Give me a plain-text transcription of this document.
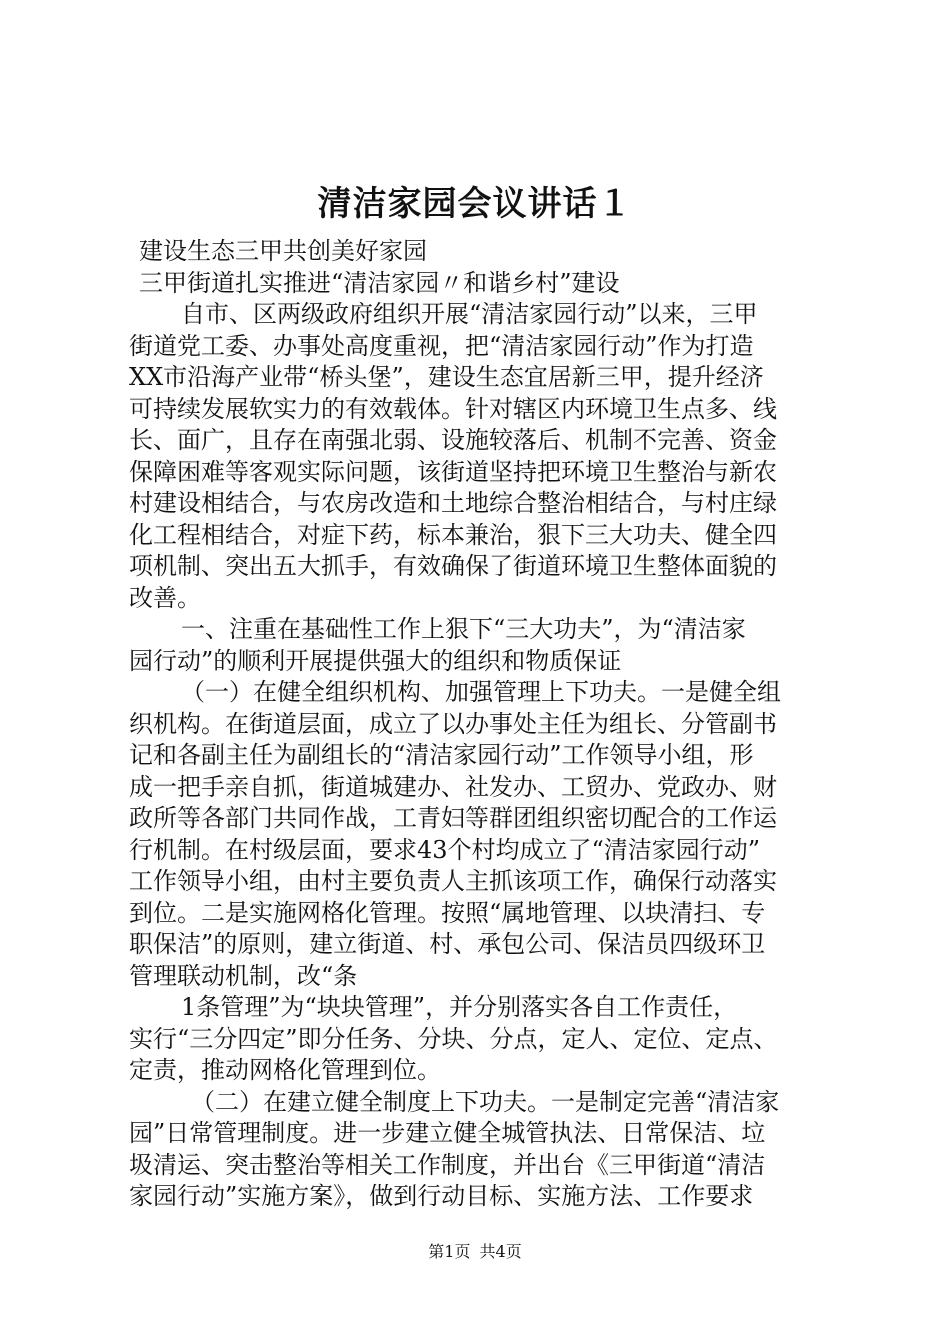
清洁家园会议讲话１
建设生态三甲共创美好家园
三甲街道扎实推进“清洁家园〃和谐乡村”建设
自市、区两级政府组织开展“清洁家园行动”以来，三甲
街道党工委、办事处高度重视，把“清洁家园行动”作为打造
XX市沿海产业带“桥头堡”，建设生态宜居新三甲，提升经济
可持续发展软实力的有效载体。针对辖区内环境卫生点多、线
长、面广，且存在南强北弱、设施较落后、机制不完善、资金
保障困难等客观实际问题，该街道坚持把环境卫生整治与新农
村建设相结合，与农房改造和土地综合整治相结合，与村庄绿
化工程相结合，对症下药，标本兼治，狠下三大功夫、健全四
项机制、突出五大抓手，有效确保了街道环境卫生整体面貌的
改善。
一、注重在基础性工作上狠下“三大功夫”，为“清洁家
园行动”的顺利开展提供强大的组织和物质保证
（一）在健全组织机构、加强管理上下功夫。一是健全组
织机构。在街道层面，成立了以办事处主任为组长、分管副书
记和各副主任为副组长的“清洁家园行动”工作领导小组，形
成一把手亲自抓，街道城建办、社发办、工贸办、党政办、财
政所等各部门共同作战，工青妇等群团组织密切配合的工作运
行机制。在村级层面，要求43个村均成立了“清洁家园行动”
工作领导小组，由村主要负责人主抓该项工作，确保行动落实
到位。二是实施网格化管理。按照“属地管理、以块清扫、专
职保洁”的原则，建立街道、村、承包公司、保洁员四级环卫
管理联动机制，改“条
1条管理”为“块块管理”，并分别落实各自工作责任，
实行“三分四定”即分任务、分块、分点，定人、定位、定点、
定责，推动网格化管理到位。
（二）在建立健全制度上下功夫。一是制定完善“清洁家
园”日常管理制度。进一步建立健全城管执法、日常保洁、垃
圾清运、突击整治等相关工作制度，并出台《三甲街道“清洁
家园行动”实施方案》，做到行动目标、实施方法、工作要求
第1页 共4页
